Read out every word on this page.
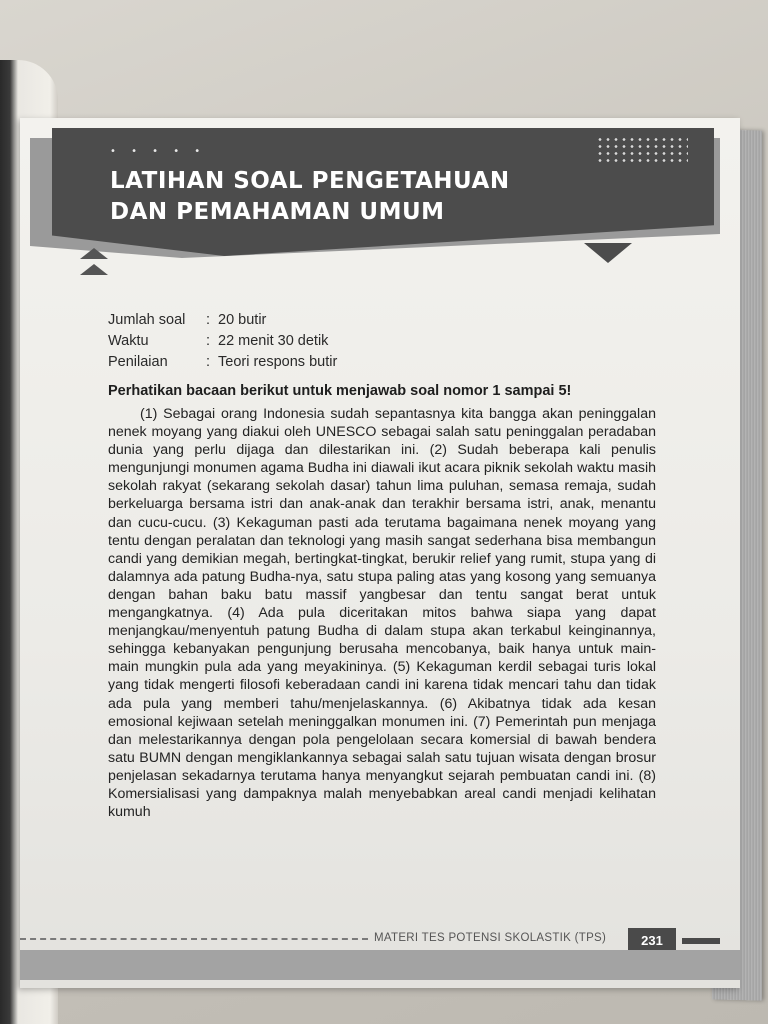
• • • • •
LATIHAN SOAL PENGETAHUAN
DAN PEMAHAMAN UMUM
Jumlah soal	: 20 butir
Waktu	: 22 menit 30 detik
Penilaian	: Teori respons butir
Perhatikan bacaan berikut untuk menjawab soal nomor 1 sampai 5!
(1) Sebagai orang Indonesia sudah sepantasnya kita bangga akan peninggalan nenek moyang yang diakui oleh UNESCO sebagai salah satu peninggalan peradaban dunia yang perlu dijaga dan dilestarikan ini. (2) Sudah beberapa kali penulis mengunjungi monumen agama Budha ini diawali ikut acara piknik sekolah waktu masih sekolah rakyat (sekarang sekolah dasar) tahun lima puluhan, semasa remaja, sudah berkeluarga bersama istri dan anak-anak dan terakhir bersama istri, anak, menantu dan cucu-cucu. (3) Kekaguman pasti ada terutama bagaimana nenek moyang yang tentu dengan peralatan dan teknologi yang masih sangat sederhana bisa membangun candi yang demikian megah, bertingkat-tingkat, berukir relief yang rumit, stupa yang di dalamnya ada patung Budha-nya, satu stupa paling atas yang kosong yang semuanya dengan bahan baku batu massif yangbesar dan tentu sangat berat untuk mengangkatnya. (4) Ada pula diceritakan mitos bahwa siapa yang dapat menjangkau/menyentuh patung Budha di dalam stupa akan terkabul keinginannya, sehingga kebanyakan pengunjung berusaha mencobanya, baik hanya untuk main-main mungkin pula ada yang meyakininya. (5) Kekaguman kerdil sebagai turis lokal yang tidak mengerti filosofi keberadaan candi ini karena tidak mencari tahu dan tidak ada pula yang memberi tahu/menjelaskannya. (6) Akibatnya tidak ada kesan emosional kejiwaan setelah meninggalkan monumen ini. (7) Pemerintah pun menjaga dan melestarikannya dengan pola pengelolaan secara komersial di bawah bendera satu BUMN dengan mengiklankannya sebagai salah satu tujuan wisata dengan brosur penjelasan sekadarnya terutama hanya menyangkut sejarah pembuatan candi ini. (8) Komersialisasi yang dampaknya malah menyebabkan areal candi menjadi kelihatan kumuh
MATERI TES POTENSI SKOLASTIK (TPS)	231
